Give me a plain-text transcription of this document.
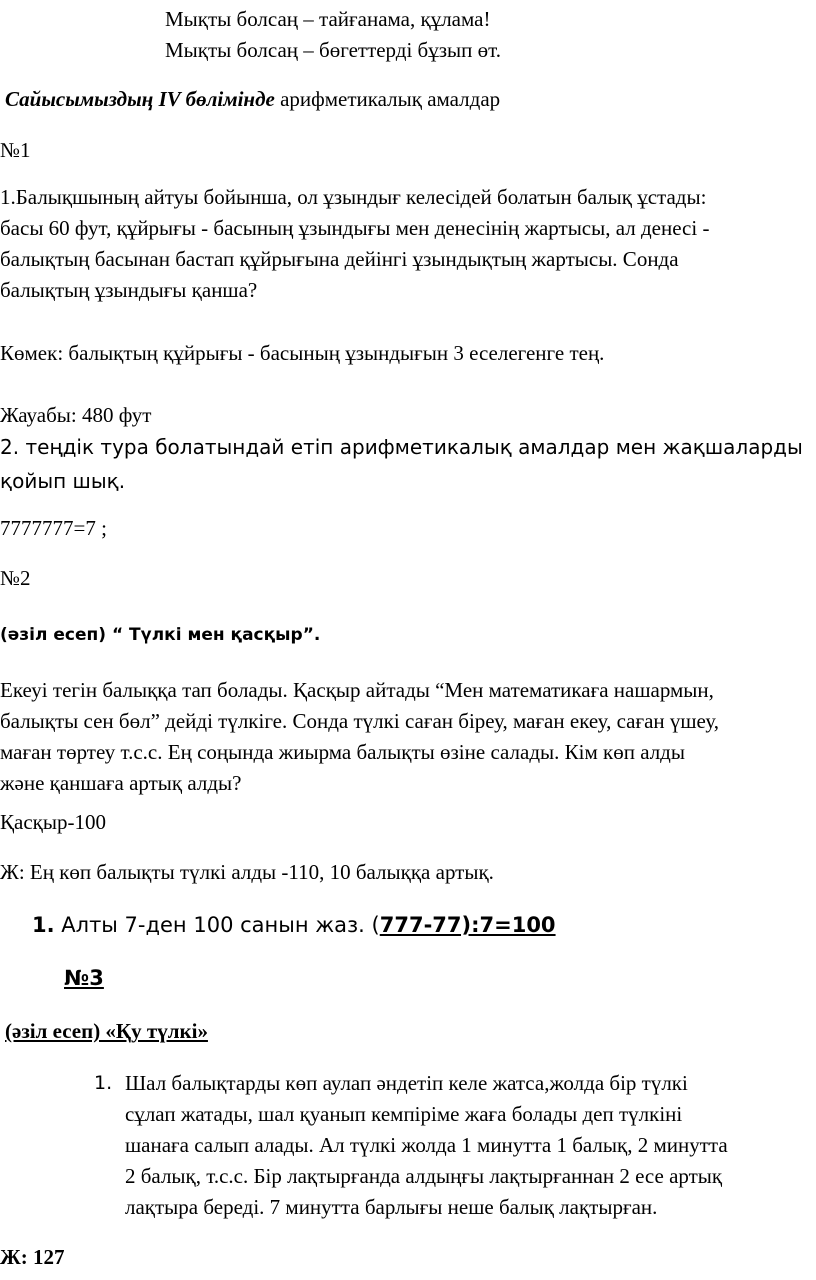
Мықты болсаң – тайғанама, құлама!
Мықты болсаң – бөгеттерді бұзып өт.
Сайысымыздың IV бөлімінде арифметикалық амалдар
№1
1.Балықшының айтуы бойынша, ол ұзындығ келесідей болатын балық ұстады:
басы 60 фут, құйрығы - басының ұзындығы мен денесінің жартысы, ал денесі -
балықтың басынан бастап құйрығына дейінгі ұзындықтың жартысы. Сонда
балықтың ұзындығы қанша?
Көмек: балықтың құйрығы - басының ұзындығын 3 еселегенге тең.
Жауабы: 480 фут
2. теңдік тура болатындай етіп арифметикалық амалдар мен жақшаларды
қойып шық.
7777777=7 ;
№2
(әзіл есеп) “ Түлкі мен қасқыр”.
Екеуі тегін балыққа тап болады. Қасқыр айтады “Мен математикаға нашармын,
балықты сен бөл” дейді түлкіге. Сонда түлкі саған біреу, маған екеу, саған үшеу,
маған төртеу т.с.с. Ең соңында жиырма балықты өзіне салады. Кім көп алды
және қаншаға артық алды?
Қасқыр-100
Ж: Ең көп балықты түлкі алды -110, 10 балыққа артық.
1. Алты 7-ден 100 санын жаз. (777-77):7=100
№3
(әзіл есеп) «Қу түлкі»
1. Шал балықтарды көп аулап әндетіп келе жатса,жолда бір түлкі
сұлап жатады, шал қуанып кемпіріме жаға болады деп түлкіні
шанаға салып алады. Ал түлкі жолда 1 минутта 1 балық, 2 минутта
2 балық, т.с.с. Бір лақтырғанда алдыңғы лақтырғаннан 2 есе артық
лақтыра береді. 7 минутта барлығы неше балық лақтырған.
Ж: 127
